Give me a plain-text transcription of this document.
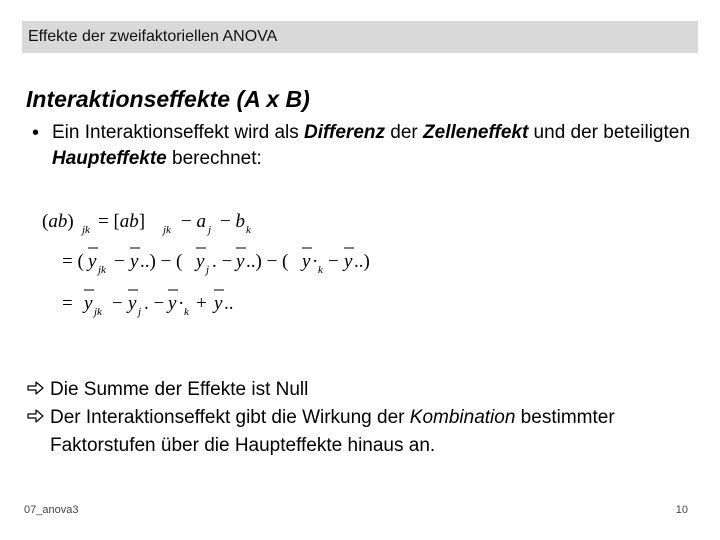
Effekte der zweifaktoriellen ANOVA
Interaktionseffekte (A x B)
• Ein Interaktionseffekt wird als Differenz der Zelleneffekt und der beteiligten Haupteffekte berechnet:
(ab) jk = [ab] jk − a j − b k
= ( y jk − y ..) − ( y j . − y ..) − ( y · k − y ..)
= y jk − y j . − y · k + y ..
Die Summe der Effekte ist Null
Der Interaktionseffekt gibt die Wirkung der Kombination bestimmter Faktorstufen über die Haupteffekte hinaus an.
07_anova3	10
